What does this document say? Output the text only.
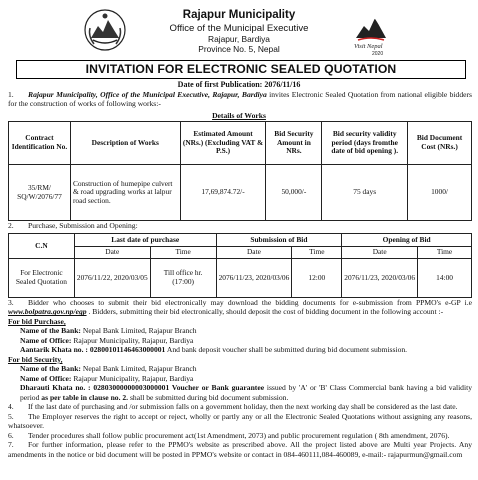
Rajapur Municipality
Office of the Municipal Executive
Rajapur, Bardiya
Province No. 5, Nepal	Visit Nepal
2020
INVITATION FOR ELECTRONIC SEALED QUOTATION
Date of first Publication: 2076/11/16
1. Rajapur Municipality, Office of the Municipal Executive, Rajapur, Bardiya invites Electronic Sealed Quotation from national eligible bidders for the construction of works of following works:-
Details of Works
Contract Identification No.	Description of Works	Estimated Amount (NRs.) (Excluding VAT & P.S.)	Bid Security Amount in NRs.	Bid security validity period (days fromthe date of bid opening ).	Bid Document Cost (NRs.)
35/RM/ SQ/W/2076/77	Construction of humepipe culvert & road upgrading works at lalpur road section.	17,69,874.72/-	50,000/-	75 days	1000/
2. Purchase, Submission and Opening:
C.N	Last date of purchase		Submission of Bid		Opening of Bid	
	Date	Time	Date	Time	Date	Time
For Electronic Sealed Quotation	2076/11/22, 2020/03/05	Till office hr. (17:00)	2076/11/23, 2020/03/06	12:00	2076/11/23, 2020/03/06	14:00

3. Bidder who chooses to submit their bid electronically may download the bidding documents for e-submission from PPMO's e-GP i.e www.bolpatra.gov.np/egp . Bidders, submitting their bid electronically, should deposit the cost of bidding document in the following account :-

For bid Purchase,

Name of the Bank: Nepal Bank Limited, Rajapur Branch

Name of Office: Rajapur Municipality, Rajapur, Bardiya

Aantarik Khata no. : 02800101146463000001 And bank deposit voucher shall be submitted during bid document submission.

For bid Security,

Name of the Bank: Nepal Bank Limited, Rajapur Branch

Name of Office: Rajapur Municipality, Rajapur, Bardiya

Dharauti Khata no. : 02803000000003000001 Voucher or Bank guarantee issued by 'A' or 'B' Class Commercial bank having a bid validity period as per table in clause no. 2. shall be submitted during bid document submission.

4. If the last date of purchasing and /or submission falls on a government holiday, then the next working day shall be considered as the last date.

5. The Employer reserves the right to accept or reject, wholly or partly any or all the Electronic Sealed Quotations without assigning any reasons, whatsoever.

6. Tender procedures shall follow public procurement act(1st Amendment, 2073) and public procurement regulation ( 8th amendment, 2076).

7. For further information, please refer to the PPMO's website as prescribed above. All the project listed above are Multi year Projects. Any amendments in the notice or bid document will be posted in PPMO's website or contact in 084-460111,084-460089, e-mail:- rajapurmun@gmail.com
